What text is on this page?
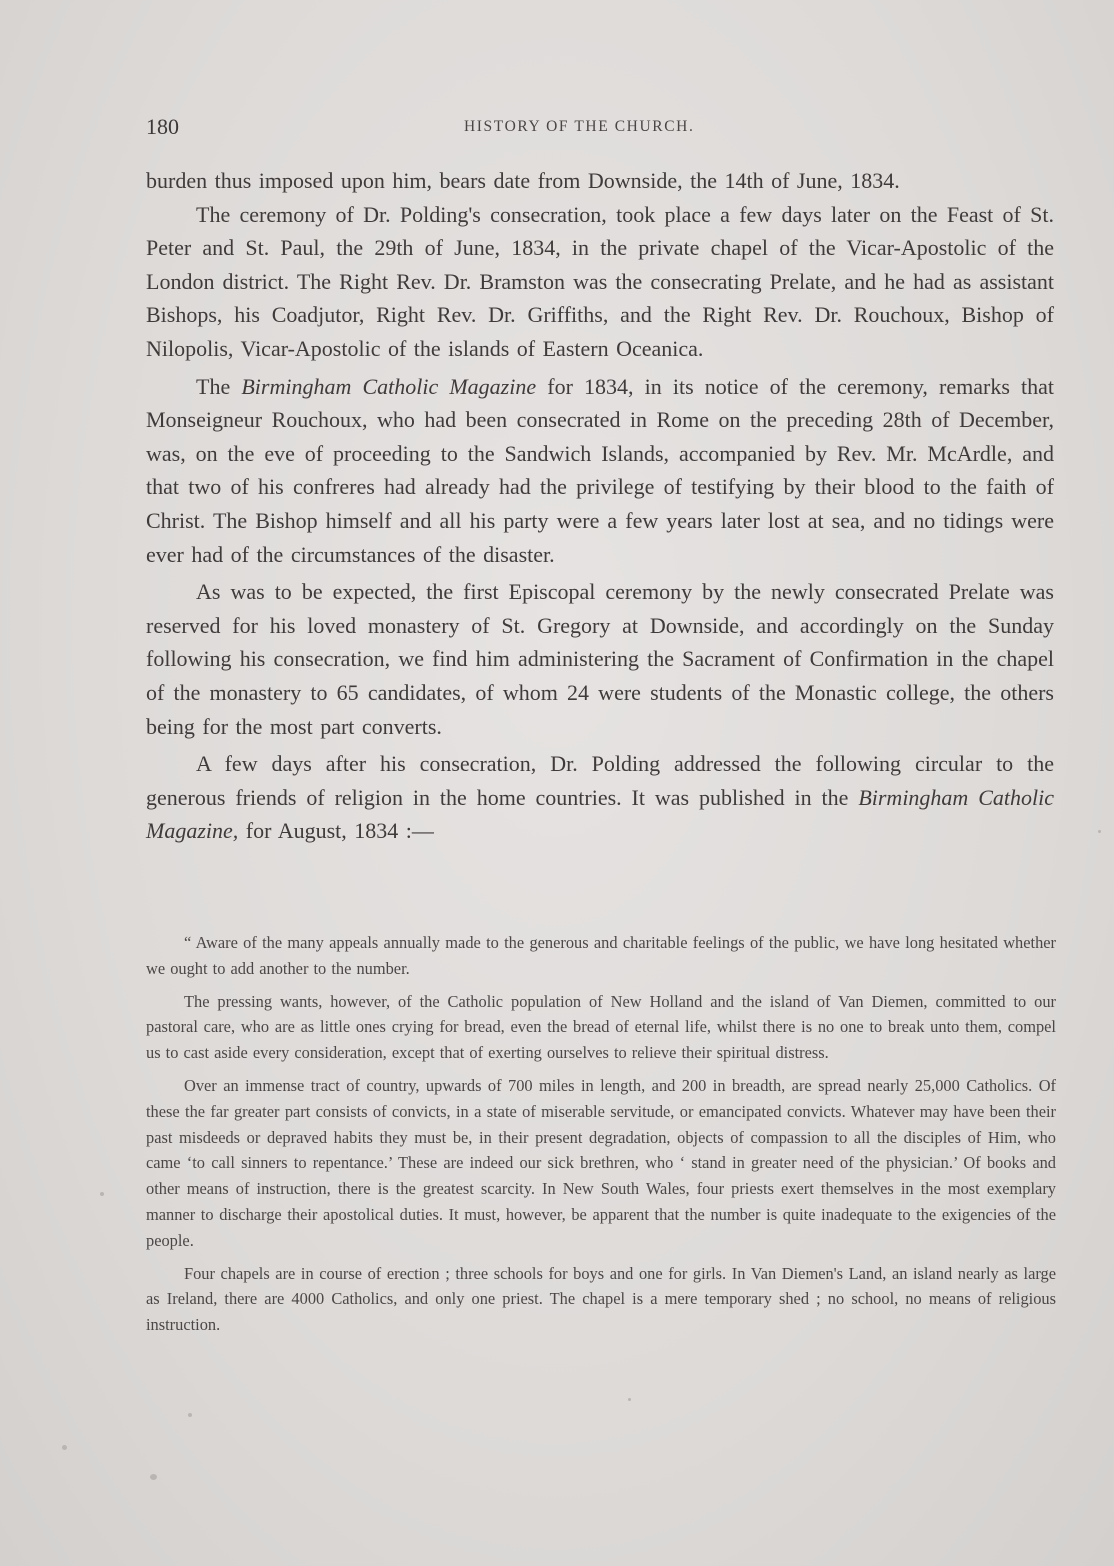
180	HISTORY OF THE CHURCH.

burden thus imposed upon him, bears date from Downside, the 14th of June, 1834.

The ceremony of Dr. Polding's consecration, took place a few days later on the Feast of St. Peter and St. Paul, the 29th of June, 1834, in the private chapel of the Vicar-Apostolic of the London district. The Right Rev. Dr. Bramston was the consecrating Prelate, and he had as assistant Bishops, his Coadjutor, Right Rev. Dr. Griffiths, and the Right Rev. Dr. Rouchoux, Bishop of Nilopolis, Vicar-Apostolic of the islands of Eastern Oceanica.

The Birmingham Catholic Magazine for 1834, in its notice of the ceremony, remarks that Monseigneur Rouchoux, who had been consecrated in Rome on the preceding 28th of December, was, on the eve of proceeding to the Sandwich Islands, accompanied by Rev. Mr. McArdle, and that two of his confreres had already had the privilege of testifying by their blood to the faith of Christ. The Bishop himself and all his party were a few years later lost at sea, and no tidings were ever had of the circumstances of the disaster.

As was to be expected, the first Episcopal ceremony by the newly consecrated Prelate was reserved for his loved monastery of St. Gregory at Downside, and accordingly on the Sunday following his consecration, we find him administering the Sacrament of Confirmation in the chapel of the monastery to 65 candidates, of whom 24 were students of the Monastic college, the others being for the most part converts.

A few days after his consecration, Dr. Polding addressed the following circular to the generous friends of religion in the home countries. It was published in the Birmingham Catholic Magazine, for August, 1834 :—

“ Aware of the many appeals annually made to the generous and charitable feelings of the public, we have long hesitated whether we ought to add another to the number.

The pressing wants, however, of the Catholic population of New Holland and the island of Van Diemen, committed to our pastoral care, who are as little ones crying for bread, even the bread of eternal life, whilst there is no one to break unto them, compel us to cast aside every consideration, except that of exerting ourselves to relieve their spiritual distress.

Over an immense tract of country, upwards of 700 miles in length, and 200 in breadth, are spread nearly 25,000 Catholics. Of these the far greater part consists of convicts, in a state of miserable servitude, or emancipated convicts. Whatever may have been their past misdeeds or depraved habits they must be, in their present degradation, objects of compassion to all the disciples of Him, who came ‘to call sinners to repentance.’ These are indeed our sick brethren, who ‘ stand in greater need of the physician.’ Of books and other means of instruction, there is the greatest scarcity. In New South Wales, four priests exert themselves in the most exemplary manner to discharge their apostolical duties. It must, however, be apparent that the number is quite inadequate to the exigencies of the people.

Four chapels are in course of erection ; three schools for boys and one for girls. In Van Diemen's Land, an island nearly as large as Ireland, there are 4000 Catholics, and only one priest. The chapel is a mere temporary shed ; no school, no means of religious instruction.
